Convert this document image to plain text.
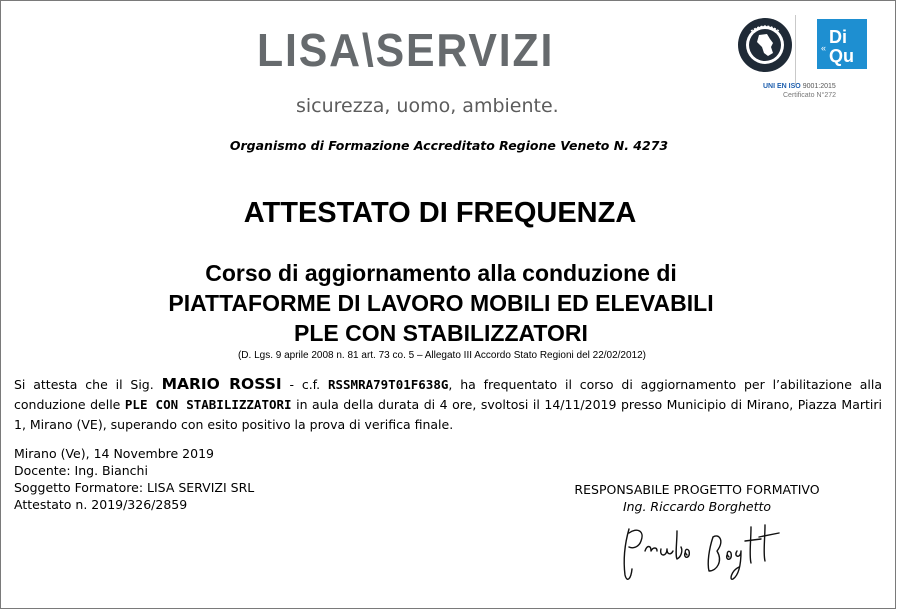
LISA\SERVIZI
sicurezza, uomo, ambiente.
Di
Qu
«
UNI EN ISO 9001:2015
Certificato N°272
Organismo di Formazione Accreditato Regione Veneto N. 4273
ATTESTATO DI FREQUENZA
Corso di aggiornamento alla conduzione di
PIATTAFORME DI LAVORO MOBILI ED ELEVABILI
PLE CON STABILIZZATORI
(D. Lgs. 9 aprile 2008 n. 81 art. 73 co. 5 – Allegato III Accordo Stato Regioni del 22/02/2012)
Si attesta che il Sig. MARIO ROSSI - c.f. RSSMRA79T01F638G, ha frequentato il corso di aggiornamento per l’abilitazione alla conduzione delle PLE CON STABILIZZATORI in aula della durata di 4 ore, svoltosi il 14/11/2019 presso Municipio di Mirano, Piazza Martiri 1, Mirano (VE), superando con esito positivo la prova di verifica finale.
Mirano (Ve), 14 Novembre 2019
Docente: Ing. Bianchi
Soggetto Formatore: LISA SERVIZI SRL
Attestato n. 2019/326/2859
RESPONSABILE PROGETTO FORMATIVO
Ing. Riccardo Borghetto
